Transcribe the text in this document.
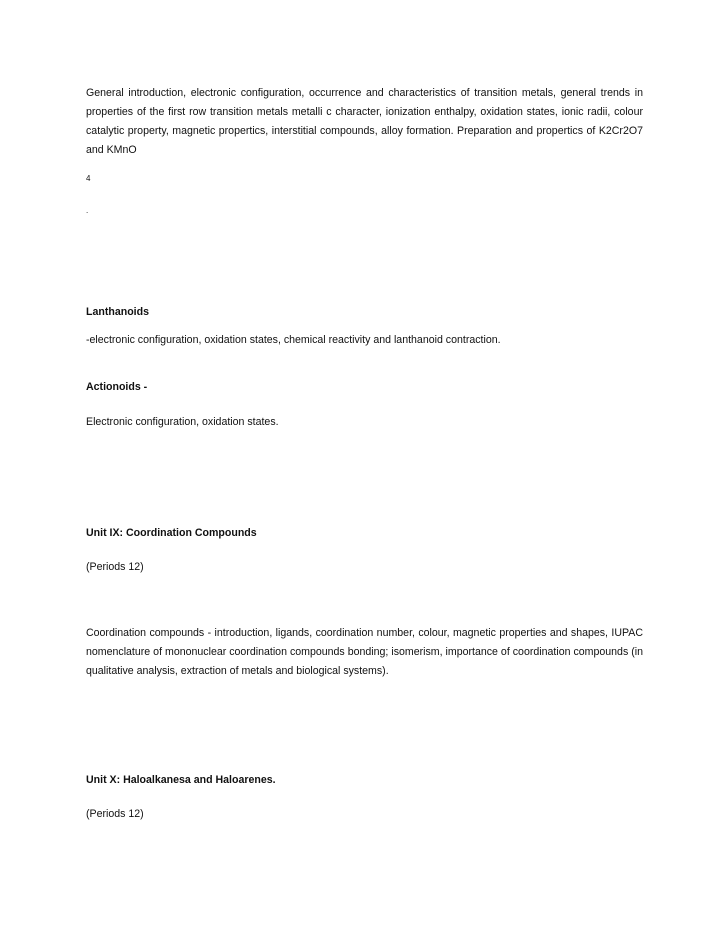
General introduction, electronic configuration, occurrence and characteristics of transition metals, general trends in properties of the first row transition metals metalli c character, ionization enthalpy, oxidation states, ionic radii, colour catalytic property, magnetic propertics, interstitial compounds, alloy formation. Preparation and propertics of K2Cr2O7 and KMnO

4

.

Lanthanoids

-electronic configuration, oxidation states, chemical reactivity and lanthanoid contraction.

Actionoids -

Electronic configuration, oxidation states.

Unit IX: Coordination Compounds

(Periods 12)

Coordination compounds - introduction, ligands, coordination number, colour, magnetic properties and shapes, IUPAC nomenclature of mononuclear coordination compounds bonding; isomerism, importance of coordination compounds (in qualitative analysis, extraction of metals and biological systems).

Unit X: Haloalkanesa and Haloarenes.

(Periods 12)
